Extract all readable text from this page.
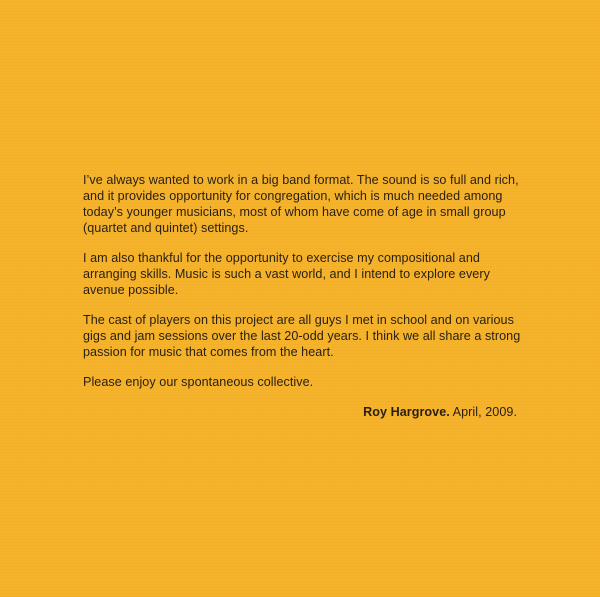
I’ve always wanted to work in a big band format. The sound is so full and rich, and it provides opportunity for congregation, which is much needed among today’s younger musicians, most of whom have come of age in small group (quartet and quintet) settings.

I am also thankful for the opportunity to exercise my compositional and arranging skills. Music is such a vast world, and I intend to explore every avenue possible.

The cast of players on this project are all guys I met in school and on various gigs and jam sessions over the last 20-odd years. I think we all share a strong passion for music that comes from the heart.

Please enjoy our spontaneous collective.

Roy Hargrove. April, 2009.
